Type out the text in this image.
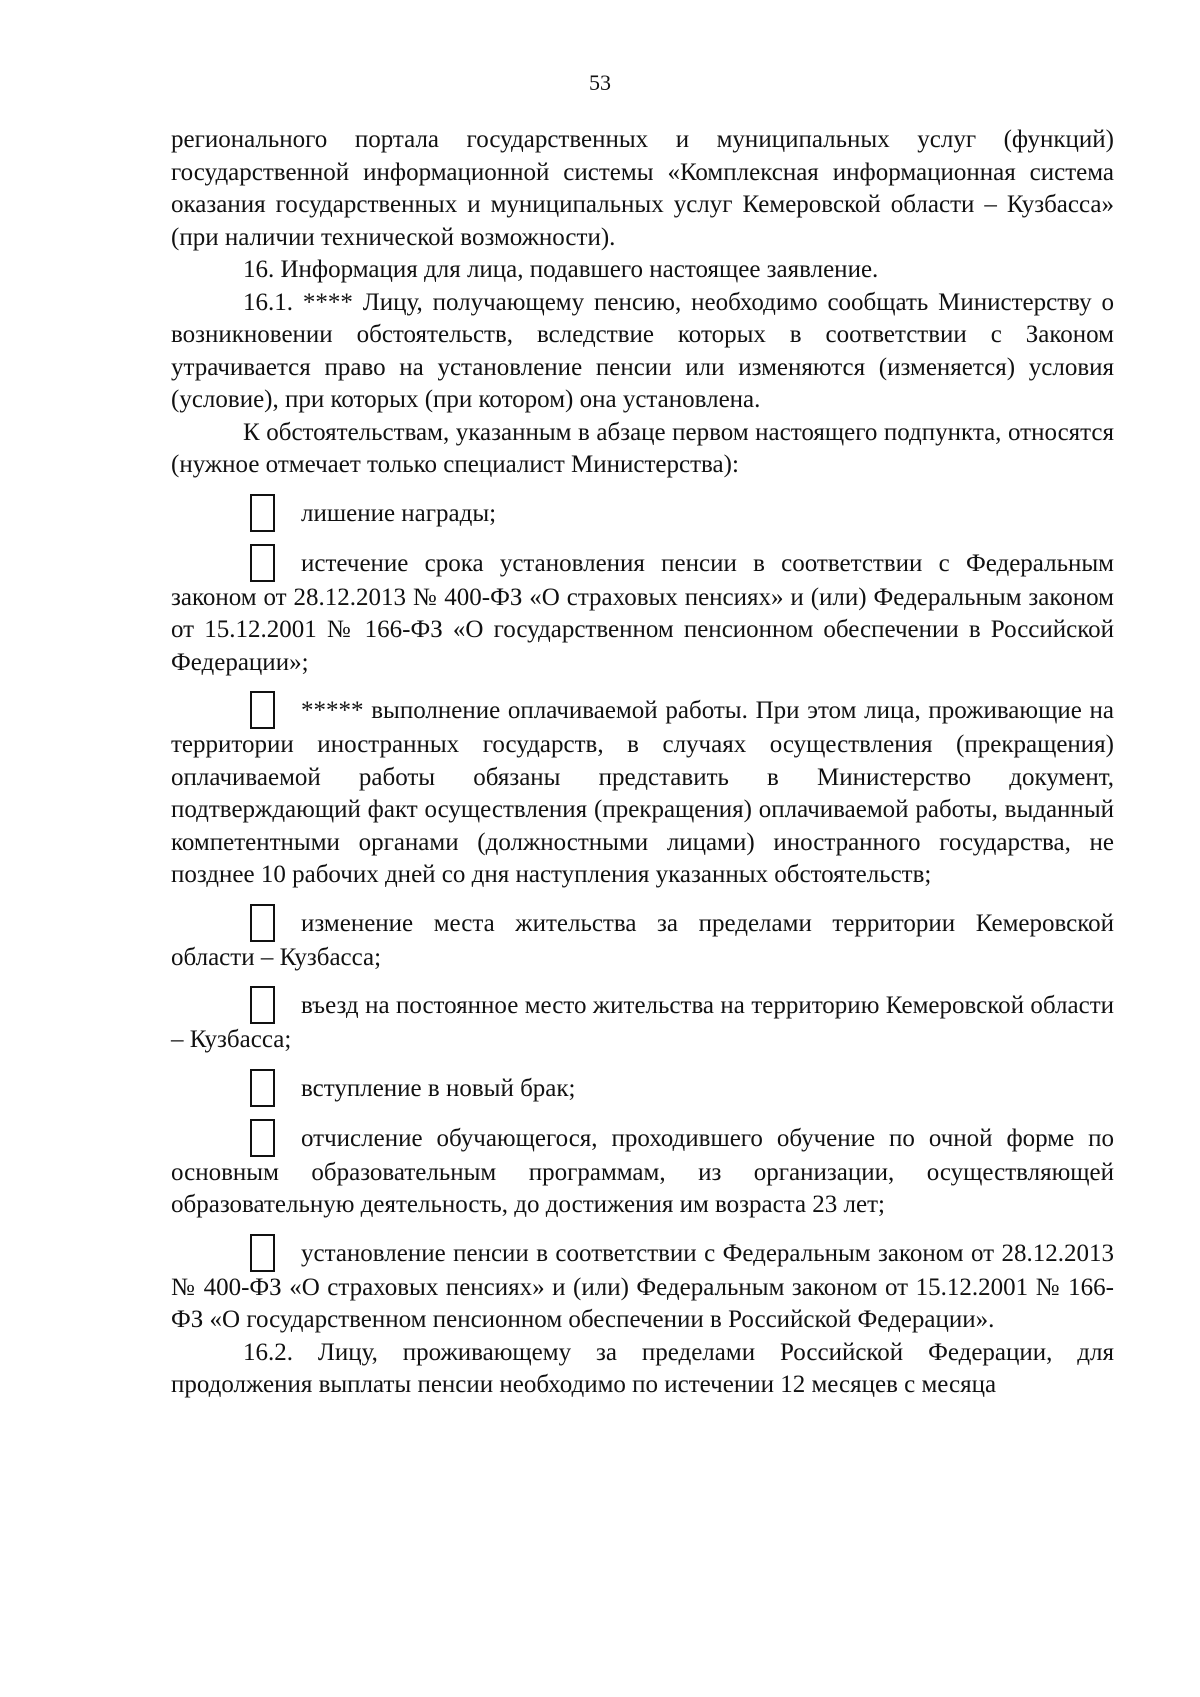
53

регионального портала государственных и муниципальных услуг (функций) государственной информационной системы «Комплексная информационная система оказания государственных и муниципальных услуг Кемеровской области – Кузбасса» (при наличии технической возможности).

16. Информация для лица, подавшего настоящее заявление.

16.1. **** Лицу, получающему пенсию, необходимо сообщать Министерству о возникновении обстоятельств, вследствие которых в соответствии с Законом утрачивается право на установление пенсии или изменяются (изменяется) условия (условие), при которых (при котором) она установлена.

К обстоятельствам, указанным в абзаце первом настоящего подпункта, относятся (нужное отмечает только специалист Министерства):

лишение награды;

истечение срока установления пенсии в соответствии с Федеральным законом от 28.12.2013 № 400-ФЗ «О страховых пенсиях» и (или) Федеральным законом от 15.12.2001 № 166-ФЗ «О государственном пенсионном обеспечении в Российской Федерации»;

***** выполнение оплачиваемой работы. При этом лица, проживающие на территории иностранных государств, в случаях осуществления (прекращения) оплачиваемой работы обязаны представить в Министерство документ, подтверждающий факт осуществления (прекращения) оплачиваемой работы, выданный компетентными органами (должностными лицами) иностранного государства, не позднее 10 рабочих дней со дня наступления указанных обстоятельств;

изменение места жительства за пределами территории Кемеровской области – Кузбасса;

въезд на постоянное место жительства на территорию Кемеровской области – Кузбасса;

вступление в новый брак;

отчисление обучающегося, проходившего обучение по очной форме по основным образовательным программам, из организации, осуществляющей образовательную деятельность, до достижения им возраста 23 лет;

установление пенсии в соответствии с Федеральным законом от 28.12.2013 № 400-ФЗ «О страховых пенсиях» и (или) Федеральным законом от 15.12.2001 № 166-ФЗ «О государственном пенсионном обеспечении в Российской Федерации».

16.2. Лицу, проживающему за пределами Российской Федерации, для продолжения выплаты пенсии необходимо по истечении 12 месяцев с месяца
